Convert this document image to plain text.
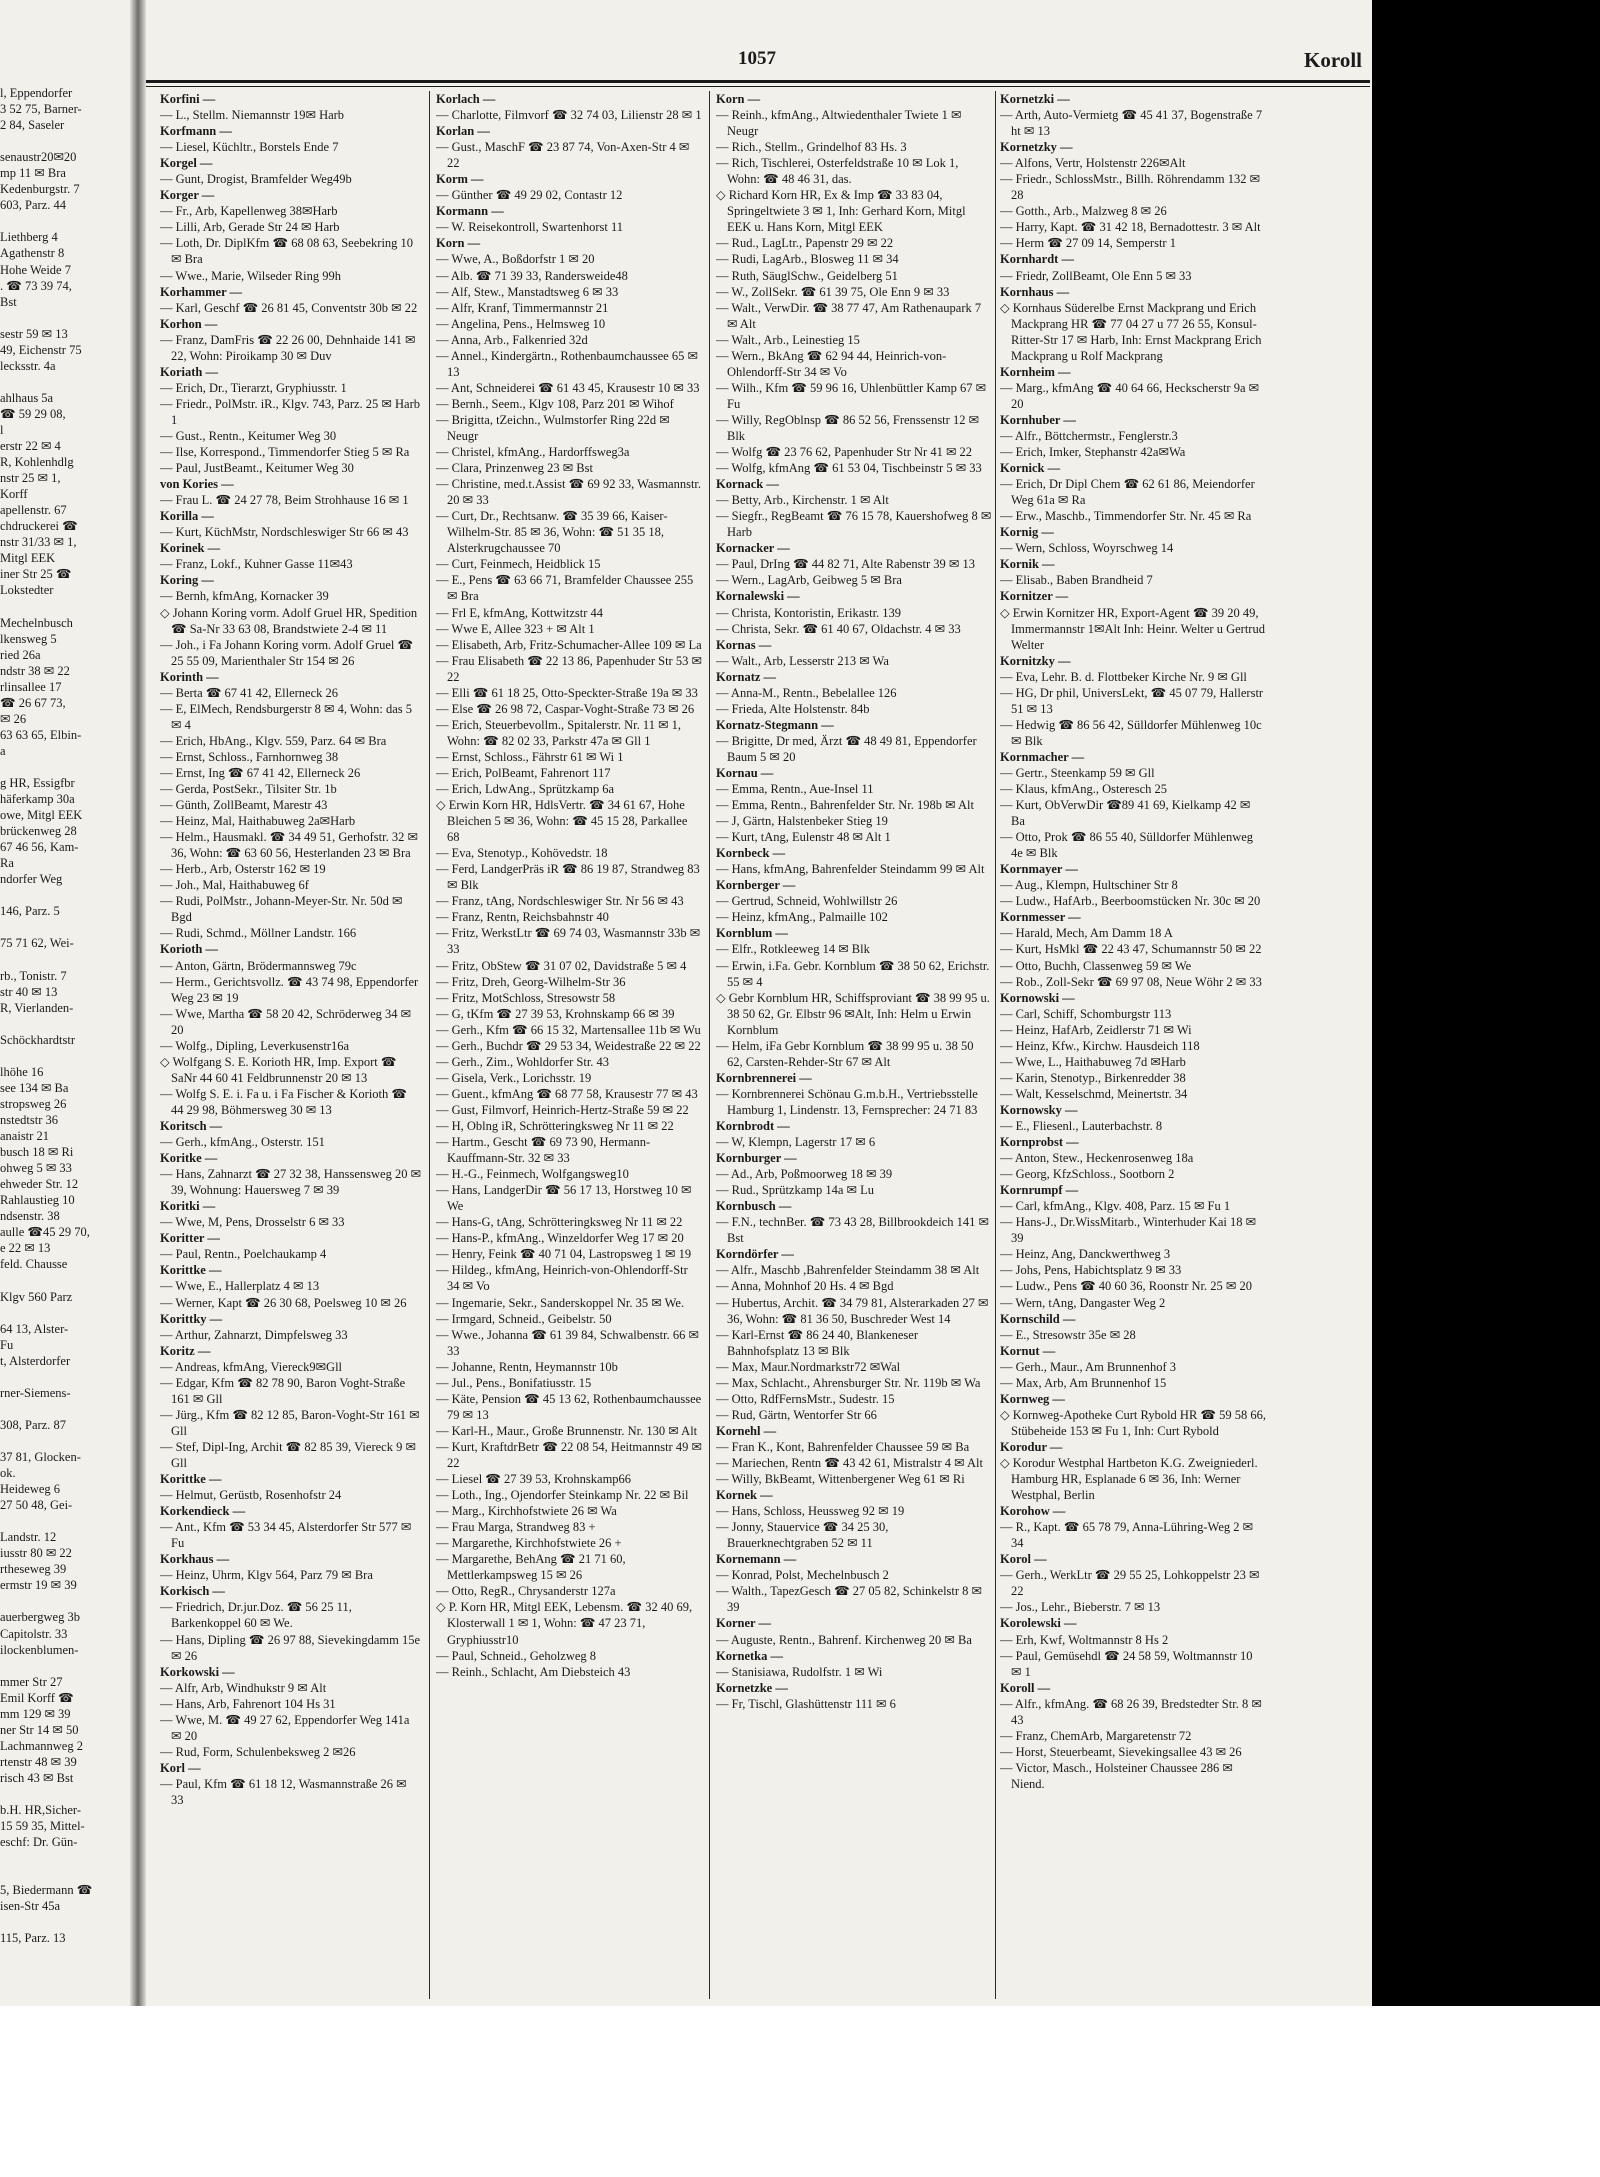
l, Eppendorfer
3 52 75, Barner-
2 84, Saseler

senaustr20✉20
mp 11 ✉ Bra
Kedenburgstr. 7
603, Parz. 44

Liethberg 4
Agathenstr 8
Hohe Weide 7
. ☎ 73 39 74,
Bst

sestr 59 ✉ 13
49, Eichenstr 75
lecksstr. 4a

ahlhaus 5a
☎ 59 29 08,
l
erstr 22 ✉ 4
R, Kohlenhdlg
nstr 25 ✉ 1,
Korff
apellenstr. 67
chdruckerei ☎
nstr 31/33 ✉ 1,
Mitgl EEK
iner Str 25 ☎
Lokstedter

Mechelnbusch
lkensweg 5
ried 26a
ndstr 38 ✉ 22
rlinsallee 17
☎ 26 67 73,
✉ 26
63 63 65, Elbin-
a

g HR, Essigfbr
häferkamp 30a
owe, Mitgl EEK
brückenweg 28
67 46 56, Kam-
Ra
ndorfer Weg

146, Parz. 5

75 71 62, Wei-

rb., Tonistr. 7
str 40 ✉ 13
R, Vierlanden-

Schöckhardtstr

lhöhe 16
see 134 ✉ Ba
stropsweg 26
nstedtstr 36
anaistr 21
busch 18 ✉ Ri
ohweg 5 ✉ 33
ehweder Str. 12
Rahlaustieg 10
ndsenstr. 38
aulle ☎45 29 70,
e 22 ✉ 13
feld. Chausse

Klgv 560 Parz

64 13, Alster-
Fu
t, Alsterdorfer

rner-Siemens-

308, Parz. 87

37 81, Glocken-
ok.
Heideweg 6
27 50 48, Gei-

Landstr. 12
iusstr 80 ✉ 22
rtheseweg 39
ermstr 19 ✉ 39

auerbergweg 3b
Capitolstr. 33
ilockenblumen-

mmer Str 27
Emil Korff ☎
mm 129 ✉ 39
ner Str 14 ✉ 50
Lachmannweg 2
rtenstr 48 ✉ 39
risch 43 ✉ Bst

b.H. HR,Sicher-
15 59 35, Mittel-
eschf: Dr. Gün-

5, Biedermann ☎
isen-Str 45a

115, Parz. 13
1057	Koroll
Korfini —
— L., Stellm. Niemannstr 19✉ Harb
Korfmann —
— Liesel, Küchltr., Borstels Ende 7
Korgel —
— Gunt, Drogist, Bramfelder Weg49b
Korger —
— Fr., Arb, Kapellenweg 38✉Harb
— Lilli, Arb, Gerade Str 24 ✉ Harb
— Loth, Dr. DiplKfm ☎ 68 08 63, Seebekring 10 ✉ Bra
— Wwe., Marie, Wilseder Ring 99h
Korhammer —
— Karl, Geschf ☎ 26 81 45, Conventstr 30b ✉ 22
Korhon —
— Franz, DamFris ☎ 22 26 00, Dehnhaide 141 ✉ 22, Wohn: Piroikamp 30 ✉ Duv
Koriath —
— Erich, Dr., Tierarzt, Gryphiusstr. 1
— Friedr., PolMstr. iR., Klgv. 743, Parz. 25 ✉ Harb 1
— Gust., Rentn., Keitumer Weg 30
— Ilse, Korrespond., Timmendorfer Stieg 5 ✉ Ra
— Paul, JustBeamt., Keitumer Weg 30
von Kories —
— Frau L. ☎ 24 27 78, Beim Strohhause 16 ✉ 1
Korilla —
— Kurt, KüchMstr, Nordschleswiger Str 66 ✉ 43
Korinek —
— Franz, Lokf., Kuhner Gasse 11✉43
Koring —
— Bernh, kfmAng, Kornacker 39
◇ Johann Koring vorm. Adolf Gruel HR, Spedition ☎ Sa-Nr 33 63 08, Brandstwiete 2-4 ✉ 11
— Joh., i Fa Johann Koring vorm. Adolf Gruel ☎ 25 55 09, Marienthaler Str 154 ✉ 26
Korinth —
— Berta ☎ 67 41 42, Ellerneck 26
— E, ElMech, Rendsburgerstr 8 ✉ 4, Wohn: das 5 ✉ 4
— Erich, HbAng., Klgv. 559, Parz. 64 ✉ Bra
— Ernst, Schloss., Farnhornweg 38
— Ernst, Ing ☎ 67 41 42, Ellerneck 26
— Gerda, PostSekr., Tilsiter Str. 1b
— Günth, ZollBeamt, Marestr 43
— Heinz, Mal, Haithabuweg 2a✉Harb
— Helm., Hausmakl. ☎ 34 49 51, Gerhofstr. 32 ✉ 36, Wohn: ☎ 63 60 56, Hesterlanden 23 ✉ Bra
— Herb., Arb, Osterstr 162 ✉ 19
— Joh., Mal, Haithabuweg 6f
— Rudi, PolMstr., Johann-Meyer-Str. Nr. 50d ✉ Bgd
— Rudi, Schmd., Möllner Landstr. 166
Korioth —
— Anton, Gärtn, Brödermannsweg 79c
— Herm., Gerichtsvollz. ☎ 43 74 98, Eppendorfer Weg 23 ✉ 19
— Wwe, Martha ☎ 58 20 42, Schröderweg 34 ✉ 20
— Wolfg., Dipling, Leverkusenstr16a
◇ Wolfgang S. E. Korioth HR, Imp. Export ☎ SaNr 44 60 41 Feldbrunnenstr 20 ✉ 13
— Wolfg S. E. i. Fa u. i Fa Fischer & Korioth ☎ 44 29 98, Böhmersweg 30 ✉ 13
Koritsch —
— Gerh., kfmAng., Osterstr. 151
Koritke —
— Hans, Zahnarzt ☎ 27 32 38, Hanssensweg 20 ✉ 39, Wohnung: Hauersweg 7 ✉ 39
Koritki —
— Wwe, M, Pens, Drosselstr 6 ✉ 33
Koritter —
— Paul, Rentn., Poelchaukamp 4
Korittke —
— Wwe, E., Hallerplatz 4 ✉ 13
— Werner, Kapt ☎ 26 30 68, Poelsweg 10 ✉ 26
Korittky —
— Arthur, Zahnarzt, Dimpfelsweg 33
Koritz —
— Andreas, kfmAng, Viereck9✉Gll
— Edgar, Kfm ☎ 82 78 90, Baron Voght-Straße 161 ✉ Gll
— Jürg., Kfm ☎ 82 12 85, Baron-Voght-Str 161 ✉ Gll
— Stef, Dipl-Ing, Archit ☎ 82 85 39, Viereck 9 ✉ Gll
Korittke —
— Helmut, Gerüstb, Rosenhofstr 24
Korkendieck —
— Ant., Kfm ☎ 53 34 45, Alsterdorfer Str 577 ✉ Fu
Korkhaus —
— Heinz, Uhrm, Klgv 564, Parz 79 ✉ Bra
Korkisch —
— Friedrich, Dr.jur.Doz. ☎ 56 25 11, Barkenkoppel 60 ✉ We.
— Hans, Dipling ☎ 26 97 88, Sievekingdamm 15e ✉ 26
Korkowski —
— Alfr, Arb, Windhukstr 9 ✉ Alt
— Hans, Arb, Fahrenort 104 Hs 31
— Wwe, M. ☎ 49 27 62, Eppendorfer Weg 141a ✉ 20
— Rud, Form, Schulenbeksweg 2 ✉26
Korl —
— Paul, Kfm ☎ 61 18 12, Wasmannstraße 26 ✉ 33
Korlach —
— Charlotte, Filmvorf ☎ 32 74 03, Lilienstr 28 ✉ 1
Korlan —
— Gust., MaschF ☎ 23 87 74, Von-Axen-Str 4 ✉ 22
Korm —
— Günther ☎ 49 29 02, Contastr 12
Kormann —
— W. Reisekontroll, Swartenhorst 11
Korn —
— Wwe, A., Boßdorfstr 1 ✉ 20
— Alb. ☎ 71 39 33, Randersweide48
— Alf, Stew., Manstadtsweg 6 ✉ 33
— Alfr, Kranf, Timmermannstr 21
— Angelina, Pens., Helmsweg 10
— Anna, Arb., Falkenried 32d
— Annel., Kindergärtn., Rothenbaumchaussee 65 ✉ 13
— Ant, Schneiderei ☎ 61 43 45, Krausestr 10 ✉ 33
— Bernh., Seem., Klgv 108, Parz 201 ✉ Wihof
— Brigitta, tZeichn., Wulmstorfer Ring 22d ✉ Neugr
— Christel, kfmAng., Hardorffsweg3a
— Clara, Prinzenweg 23 ✉ Bst
— Christine, med.t.Assist ☎ 69 92 33, Wasmannstr. 20 ✉ 33
— Curt, Dr., Rechtsanw. ☎ 35 39 66, Kaiser-Wilhelm-Str. 85 ✉ 36, Wohn: ☎ 51 35 18, Alsterkrugchaussee 70
— Curt, Feinmech, Heidblick 15
— E., Pens ☎ 63 66 71, Bramfelder Chaussee 255 ✉ Bra
— Frl E, kfmAng, Kottwitzstr 44
— Wwe E, Allee 323 + ✉ Alt 1
— Elisabeth, Arb, Fritz-Schumacher-Allee 109 ✉ La
— Frau Elisabeth ☎ 22 13 86, Papenhuder Str 53 ✉ 22
— Elli ☎ 61 18 25, Otto-Speckter-Straße 19a ✉ 33
— Else ☎ 26 98 72, Caspar-Voght-Straße 73 ✉ 26
— Erich, Steuerbevollm., Spitalerstr. Nr. 11 ✉ 1, Wohn: ☎ 82 02 33, Parkstr 47a ✉ Gll 1
— Ernst, Schloss., Fährstr 61 ✉ Wi 1
— Erich, PolBeamt, Fahrenort 117
— Erich, LdwAng., Sprützkamp 6a
◇ Erwin Korn HR, HdlsVertr. ☎ 34 61 67, Hohe Bleichen 5 ✉ 36, Wohn: ☎ 45 15 28, Parkallee 68
— Eva, Stenotyp., Kohövedstr. 18
— Ferd, LandgerPräs iR ☎ 86 19 87, Strandweg 83 ✉ Blk
— Franz, tAng, Nordschleswiger Str. Nr 56 ✉ 43
— Franz, Rentn, Reichsbahnstr 40
— Fritz, WerkstLtr ☎ 69 74 03, Wasmannstr 33b ✉ 33
— Fritz, ObStew ☎ 31 07 02, Davidstraße 5 ✉ 4
— Fritz, Dreh, Georg-Wilhelm-Str 36
— Fritz, MotSchloss, Stresowstr 58
— G, tKfm ☎ 27 39 53, Krohnskamp 66 ✉ 39
— Gerh., Kfm ☎ 66 15 32, Martensallee 11b ✉ Wu
— Gerh., Buchdr ☎ 29 53 34, Weidestraße 22 ✉ 22
— Gerh., Zim., Wohldorfer Str. 43
— Gisela, Verk., Lorichsstr. 19
— Guent., kfmAng ☎ 68 77 58, Krausestr 77 ✉ 43
— Gust, Filmvorf, Heinrich-Hertz-Straße 59 ✉ 22
— H, Oblng iR, Schrötteringksweg Nr 11 ✉ 22
— Hartm., Gescht ☎ 69 73 90, Hermann-Kauffmann-Str. 32 ✉ 33
— H.-G., Feinmech, Wolfgangsweg10
— Hans, LandgerDir ☎ 56 17 13, Horstweg 10 ✉ We
— Hans-G, tAng, Schrötteringksweg Nr 11 ✉ 22
— Hans-P., kfmAng., Winzeldorfer Weg 17 ✉ 20
— Henry, Feink ☎ 40 71 04, Lastropsweg 1 ✉ 19
— Hildeg., kfmAng, Heinrich-von-Ohlendorff-Str 34 ✉ Vo
— Ingemarie, Sekr., Sanderskoppel Nr. 35 ✉ We.
— Irmgard, Schneid., Geibelstr. 50
— Wwe., Johanna ☎ 61 39 84, Schwalbenstr. 66 ✉ 33
— Johanne, Rentn, Heymannstr 10b
— Jul., Pens., Bonifatiusstr. 15
— Käte, Pension ☎ 45 13 62, Rothenbaumchaussee 79 ✉ 13
— Karl-H., Maur., Große Brunnenstr. Nr. 130 ✉ Alt
— Kurt, KraftdrBetr ☎ 22 08 54, Heitmannstr 49 ✉ 22
— Liesel ☎ 27 39 53, Krohnskamp66
— Loth., Ing., Ojendorfer Steinkamp Nr. 22 ✉ Bil
— Marg., Kirchhofstwiete 26 ✉ Wa
— Frau Marga, Strandweg 83 +
— Margarethe, Kirchhofstwiete 26 +
— Margarethe, BehAng ☎ 21 71 60, Mettlerkampsweg 15 ✉ 26
— Otto, RegR., Chrysanderstr 127a
◇ P. Korn HR, Mitgl EEK, Lebensm. ☎ 32 40 69, Klosterwall 1 ✉ 1, Wohn: ☎ 47 23 71, Gryphiusstr10
— Paul, Schneid., Geholzweg 8
— Reinh., Schlacht, Am Diebsteich 43
Korn —
— Reinh., kfmAng., Altwiedenthaler Twiete 1 ✉ Neugr
— Rich., Stellm., Grindelhof 83 Hs. 3
— Rich, Tischlerei, Osterfeldstraße 10 ✉ Lok 1, Wohn: ☎ 48 46 31, das.
◇ Richard Korn HR, Ex & Imp ☎ 33 83 04, Springeltwiete 3 ✉ 1, Inh: Gerhard Korn, Mitgl EEK u. Hans Korn, Mitgl EEK
— Rud., LagLtr., Papenstr 29 ✉ 22
— Rudi, LagArb., Blosweg 11 ✉ 34
— Ruth, SäuglSchw., Geidelberg 51
— W., ZollSekr. ☎ 61 39 75, Ole Enn 9 ✉ 33
— Walt., VerwDir. ☎ 38 77 47, Am Rathenaupark 7 ✉ Alt
— Walt., Arb., Leinestieg 15
— Wern., BkAng ☎ 62 94 44, Heinrich-von-Ohlendorff-Str 34 ✉ Vo
— Wilh., Kfm ☎ 59 96 16, Uhlenbüttler Kamp 67 ✉ Fu
— Willy, RegOblnsp ☎ 86 52 56, Frenssenstr 12 ✉ Blk
— Wolfg ☎ 23 76 62, Papenhuder Str Nr 41 ✉ 22
— Wolfg, kfmAng ☎ 61 53 04, Tischbeinstr 5 ✉ 33
Kornack —
— Betty, Arb., Kirchenstr. 1 ✉ Alt
— Siegfr., RegBeamt ☎ 76 15 78, Kauershofweg 8 ✉ Harb
Kornacker —
— Paul, DrIng ☎ 44 82 71, Alte Rabenstr 39 ✉ 13
— Wern., LagArb, Geibweg 5 ✉ Bra
Kornalewski —
— Christa, Kontoristin, Erikastr. 139
— Christa, Sekr. ☎ 61 40 67, Oldachstr. 4 ✉ 33
Kornas —
— Walt., Arb, Lesserstr 213 ✉ Wa
Kornatz —
— Anna-M., Rentn., Bebelallee 126
— Frieda, Alte Holstenstr. 84b
Kornatz-Stegmann —
— Brigitte, Dr med, Ärzt ☎ 48 49 81, Eppendorfer Baum 5 ✉ 20
Kornau —
— Emma, Rentn., Aue-Insel 11
— Emma, Rentn., Bahrenfelder Str. Nr. 198b ✉ Alt
— J, Gärtn, Halstenbeker Stieg 19
— Kurt, tAng, Eulenstr 48 ✉ Alt 1
Kornbeck —
— Hans, kfmAng, Bahrenfelder Steindamm 99 ✉ Alt
Kornberger —
— Gertrud, Schneid, Wohlwillstr 26
— Heinz, kfmAng., Palmaille 102
Kornblum —
— Elfr., Rotkleeweg 14 ✉ Blk
— Erwin, i.Fa. Gebr. Kornblum ☎ 38 50 62, Erichstr. 55 ✉ 4
◇ Gebr Kornblum HR, Schiffsproviant ☎ 38 99 95 u. 38 50 62, Gr. Elbstr 96 ✉Alt, Inh: Helm u Erwin Kornblum
— Helm, iFa Gebr Kornblum ☎ 38 99 95 u. 38 50 62, Carsten-Rehder-Str 67 ✉ Alt
Kornbrennerei —
— Kornbrennerei Schönau G.m.b.H., Vertriebsstelle Hamburg 1, Lindenstr. 13, Fernsprecher: 24 71 83
Kornbrodt —
— W, Klempn, Lagerstr 17 ✉ 6
Kornburger —
— Ad., Arb, Poßmoorweg 18 ✉ 39
— Rud., Sprützkamp 14a ✉ Lu
Kornbusch —
— F.N., technBer. ☎ 73 43 28, Billbrookdeich 141 ✉ Bst
Korndörfer —
— Alfr., Maschb ,Bahrenfelder Steindamm 38 ✉ Alt
— Anna, Mohnhof 20 Hs. 4 ✉ Bgd
— Hubertus, Archit. ☎ 34 79 81, Alsterarkaden 27 ✉ 36, Wohn: ☎ 81 36 50, Buschreder West 14
— Karl-Ernst ☎ 86 24 40, Blankeneser Bahnhofsplatz 13 ✉ Blk
— Max, Maur.Nordmarkstr72 ✉Wal
— Max, Schlacht., Ahrensburger Str. Nr. 119b ✉ Wa
— Otto, RdfFernsMstr., Sudestr. 15
— Rud, Gärtn, Wentorfer Str 66
Kornehl —
— Fran K., Kont, Bahrenfelder Chaussee 59 ✉ Ba
— Mariechen, Rentn ☎ 43 42 61, Mistralstr 4 ✉ Alt
— Willy, BkBeamt, Wittenbergener Weg 61 ✉ Ri
Kornek —
— Hans, Schloss, Heussweg 92 ✉ 19
— Jonny, Stauervice ☎ 34 25 30, Brauerknechtgraben 52 ✉ 11
Kornemann —
— Konrad, Polst, Mechelnbusch 2
— Walth., TapezGesch ☎ 27 05 82, Schinkelstr 8 ✉ 39
Korner —
— Auguste, Rentn., Bahrenf. Kirchenweg 20 ✉ Ba
Kornetka —
— Stanisiawa, Rudolfstr. 1 ✉ Wi
Kornetzke —
— Fr, Tischl, Glashüttenstr 111 ✉ 6
Kornetzki —
— Arth, Auto-Vermietg ☎ 45 41 37, Bogenstraße 7 ht ✉ 13
Kornetzky —
— Alfons, Vertr, Holstenstr 226✉Alt
— Friedr., SchlossMstr., Billh. Röhrendamm 132 ✉ 28
— Gotth., Arb., Malzweg 8 ✉ 26
— Harry, Kapt. ☎ 31 42 18, Bernadottestr. 3 ✉ Alt
— Herm ☎ 27 09 14, Semperstr 1
Kornhardt —
— Friedr, ZollBeamt, Ole Enn 5 ✉ 33
Kornhaus —
◇ Kornhaus Süderelbe Ernst Mackprang und Erich Mackprang HR ☎ 77 04 27 u 77 26 55, Konsul-Ritter-Str 17 ✉ Harb, Inh: Ernst Mackprang Erich Mackprang u Rolf Mackprang
Kornheim —
— Marg., kfmAng ☎ 40 64 66, Heckscherstr 9a ✉ 20
Kornhuber —
— Alfr., Böttchermstr., Fenglerstr.3
— Erich, Imker, Stephanstr 42a✉Wa
Kornick —
— Erich, Dr Dipl Chem ☎ 62 61 86, Meiendorfer Weg 61a ✉ Ra
— Erw., Maschb., Timmendorfer Str. Nr. 45 ✉ Ra
Kornig —
— Wern, Schloss, Woyrschweg 14
Kornik —
— Elisab., Baben Brandheid 7
Kornitzer —
◇ Erwin Kornitzer HR, Export-Agent ☎ 39 20 49, Immermannstr 1✉Alt Inh: Heinr. Welter u Gertrud Welter
Kornitzky —
— Eva, Lehr. B. d. Flottbeker Kirche Nr. 9 ✉ Gll
— HG, Dr phil, UniversLekt, ☎ 45 07 79, Hallerstr 51 ✉ 13
— Hedwig ☎ 86 56 42, Sülldorfer Mühlenweg 10c ✉ Blk
Kornmacher —
— Gertr., Steenkamp 59 ✉ Gll
— Klaus, kfmAng., Osteresch 25
— Kurt, ObVerwDir ☎89 41 69, Kielkamp 42 ✉ Ba
— Otto, Prok ☎ 86 55 40, Sülldorfer Mühlenweg 4e ✉ Blk
Kornmayer —
— Aug., Klempn, Hultschiner Str 8
— Ludw., HafArb., Beerboomstücken Nr. 30c ✉ 20
Kornmesser —
— Harald, Mech, Am Damm 18 A
— Kurt, HsMkl ☎ 22 43 47, Schumannstr 50 ✉ 22
— Otto, Buchh, Classenweg 59 ✉ We
— Rob., Zoll-Sekr ☎ 69 97 08, Neue Wöhr 2 ✉ 33
Kornowski —
— Carl, Schiff, Schomburgstr 113
— Heinz, HafArb, Zeidlerstr 71 ✉ Wi
— Heinz, Kfw., Kirchw. Hausdeich 118
— Wwe, L., Haithabuweg 7d ✉Harb
— Karin, Stenotyp., Birkenredder 38
— Walt, Kesselschmd, Meinertstr. 34
Kornowsky —
— E., Fliesenl., Lauterbachstr. 8
Kornprobst —
— Anton, Stew., Heckenrosenweg 18a
— Georg, KfzSchloss., Sootborn 2
Kornrumpf —
— Carl, kfmAng., Klgv. 408, Parz. 15 ✉ Fu 1
— Hans-J., Dr.WissMitarb., Winterhuder Kai 18 ✉ 39
— Heinz, Ang, Danckwerthweg 3
— Johs, Pens, Habichtsplatz 9 ✉ 33
— Ludw., Pens ☎ 40 60 36, Roonstr Nr. 25 ✉ 20
— Wern, tAng, Dangaster Weg 2
Kornschild —
— E., Stresowstr 35e ✉ 28
Kornut —
— Gerh., Maur., Am Brunnenhof 3
— Max, Arb, Am Brunnenhof 15
Kornweg —
◇ Kornweg-Apotheke Curt Rybold HR ☎ 59 58 66, Stübeheide 153 ✉ Fu 1, Inh: Curt Rybold
Korodur —
◇ Korodur Westphal Hartbeton K.G. Zweigniederl. Hamburg HR, Esplanade 6 ✉ 36, Inh: Werner Westphal, Berlin
Korohow —
— R., Kapt. ☎ 65 78 79, Anna-Lühring-Weg 2 ✉ 34
Korol —
— Gerh., WerkLtr ☎ 29 55 25, Lohkoppelstr 23 ✉ 22
— Jos., Lehr., Bieberstr. 7 ✉ 13
Korolewski —
— Erh, Kwf, Woltmannstr 8 Hs 2
— Paul, Gemüsehdl ☎ 24 58 59, Woltmannstr 10 ✉ 1
Koroll —
— Alfr., kfmAng. ☎ 68 26 39, Bredstedter Str. 8 ✉ 43
— Franz, ChemArb, Margaretenstr 72
— Horst, Steuerbeamt, Sievekingsallee 43 ✉ 26
— Victor, Masch., Holsteiner Chaussee 286 ✉ Niend.
